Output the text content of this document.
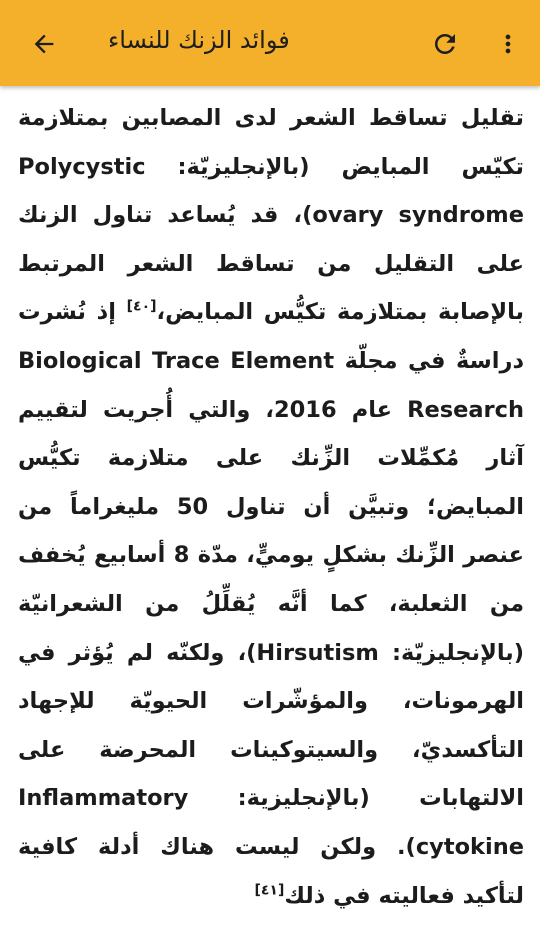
فوائد الزنك للنساء

تقليل تساقط الشعر لدى المصابين بمتلازمة تكيّس المبايض (بالإنجليزيّة: Polycystic ovary syndrome)، قد يُساعد تناول الزنك على التقليل من تساقط الشعر المرتبط بالإصابة بمتلازمة تكيُّس المبايض،[٤٠] إذ نُشرت دراسةٌ في مجلّة Biological Trace Element Research عام 2016، والتي أُجريت لتقييم آثار مُكمِّلات الزِّنك على متلازمة تكيُّس المبايض؛ وتبيَّن أن تناول 50 مليغراماً من عنصر الزِّنك بشكلٍ يوميٍّ، مدّة 8 أسابيع يُخفف من الثعلبة، كما أنَّه يُقلِّلُ من الشعرانيّة (بالإنجليزيّة: Hirsutism)، ولكنّه لم يُؤثر في الهرمونات، والمؤشّرات الحيويّة للإجهاد التأكسديّ، والسيتوكينات المحرضة على الالتهابات (بالإنجليزية: Inflammatory cytokine). ولكن ليست هناك أدلة كافية لتأكيد فعاليته في ذلك[٤١]
